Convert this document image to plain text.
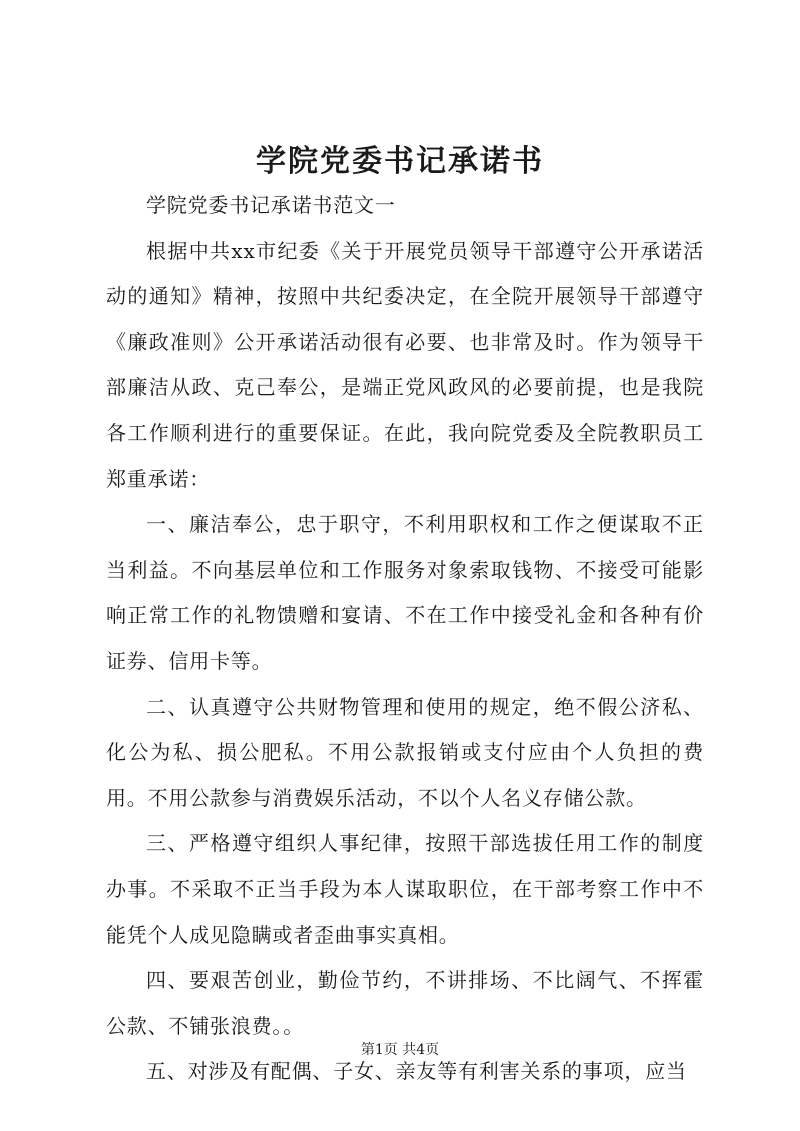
学院党委书记承诺书

学院党委书记承诺书范文一

根据中共xx市纪委《关于开展党员领导干部遵守公开承诺活动的通知》精神，按照中共纪委决定，在全院开展领导干部遵守《廉政准则》公开承诺活动很有必要、也非常及时。作为领导干部廉洁从政、克己奉公，是端正党风政风的必要前提，也是我院各工作顺利进行的重要保证。在此，我向院党委及全院教职员工郑重承诺：

一、廉洁奉公，忠于职守，不利用职权和工作之便谋取不正当利益。不向基层单位和工作服务对象索取钱物、不接受可能影响正常工作的礼物馈赠和宴请、不在工作中接受礼金和各种有价证券、信用卡等。

二、认真遵守公共财物管理和使用的规定，绝不假公济私、化公为私、损公肥私。不用公款报销或支付应由个人负担的费用。不用公款参与消费娱乐活动，不以个人名义存储公款。

三、严格遵守组织人事纪律，按照干部选拔任用工作的制度办事。不采取不正当手段为本人谋取职位，在干部考察工作中不能凭个人成见隐瞒或者歪曲事实真相。

四、要艰苦创业，勤俭节约，不讲排场、不比阔气、不挥霍公款、不铺张浪费。。

五、对涉及有配偶、子女、亲友等有利害关系的事项，应当

第1页 共4页
